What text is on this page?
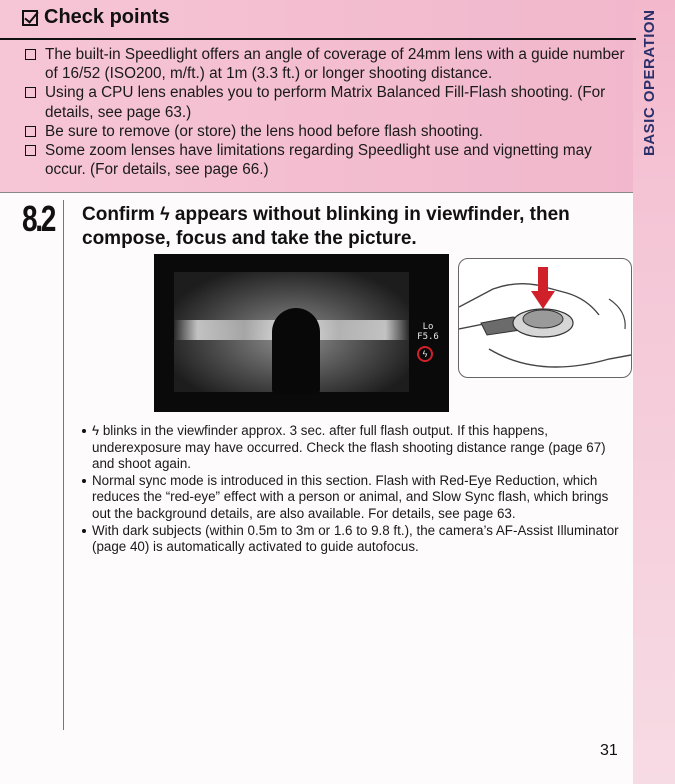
BASIC OPERATION
Check points
The built-in Speedlight offers an angle of coverage of 24mm lens with a guide number of 16/52 (ISO200, m/ft.) at 1m (3.3 ft.) or longer shooting distance.
Using a CPU lens enables you to perform Matrix Balanced Fill-Flash shooting. (For details, see page 63.)
Be sure to remove (or store) the lens hood before flash shooting.
Some zoom lenses have limitations regarding Speedlight use and vignetting may occur. (For details, see page 66.)
8.2 Confirm ϟ appears without blinking in viewfinder, then compose, focus and take the picture.
Lo
F5.6
ϟ
ϟ blinks in the viewfinder approx. 3 sec. after full flash output. If this happens, underexposure may have occurred. Check the flash shooting distance range (page 67) and shoot again.
Normal sync mode is introduced in this section. Flash with Red-Eye Reduction, which reduces the “red-eye” effect with a person or animal, and Slow Sync flash, which brings out the background details, are also available. For details, see page 63.
With dark subjects (within 0.5m to 3m or 1.6 to 9.8 ft.), the camera’s AF-Assist Illuminator (page 40) is automatically activated to guide autofocus.
31
